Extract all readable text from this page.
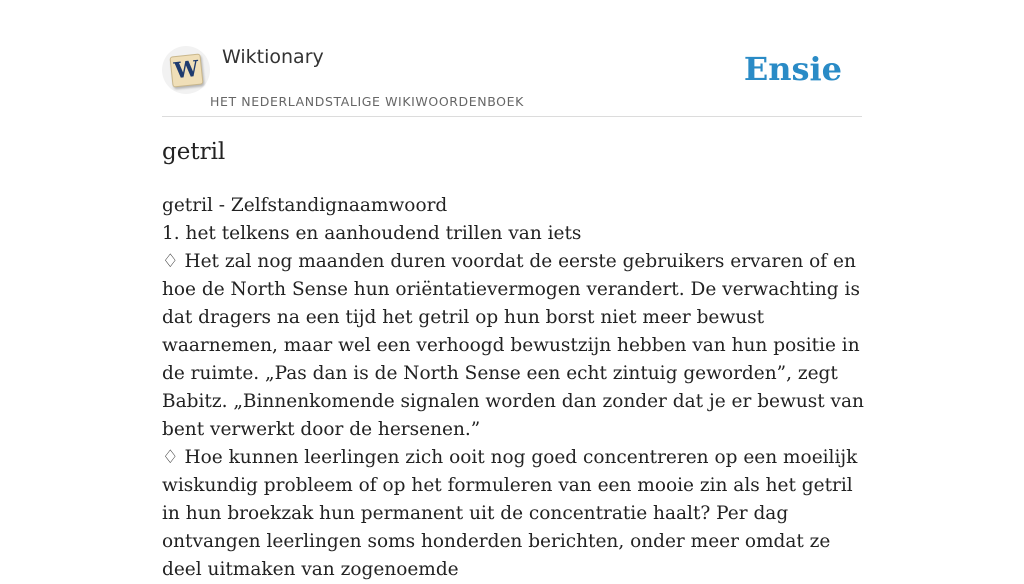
W Wiktionary
HET NEDERLANDSTALIGE WIKIWOORDENBOEK
Ensie
getril

getril - Zelfstandignaamwoord

1. het telkens en aanhoudend trillen van iets

♢ Het zal nog maanden duren voordat de eerste gebruikers ervaren of en hoe de North Sense hun oriëntatievermogen verandert. De verwachting is dat dragers na een tijd het getril op hun borst niet meer bewust waarnemen, maar wel een verhoogd bewustzijn hebben van hun positie in de ruimte. „Pas dan is de North Sense een echt zintuig geworden”, zegt Babitz. „Binnenkomende signalen worden dan zonder dat je er bewust van bent verwerkt door de hersenen.”

♢ Hoe kunnen leerlingen zich ooit nog goed concentreren op een moeilijk wiskundig probleem of op het formuleren van een mooie zin als het getril in hun broekzak hun permanent uit de concentratie haalt? Per dag ontvangen leerlingen soms honderden berichten, onder meer omdat ze deel uitmaken van zogenoemde
